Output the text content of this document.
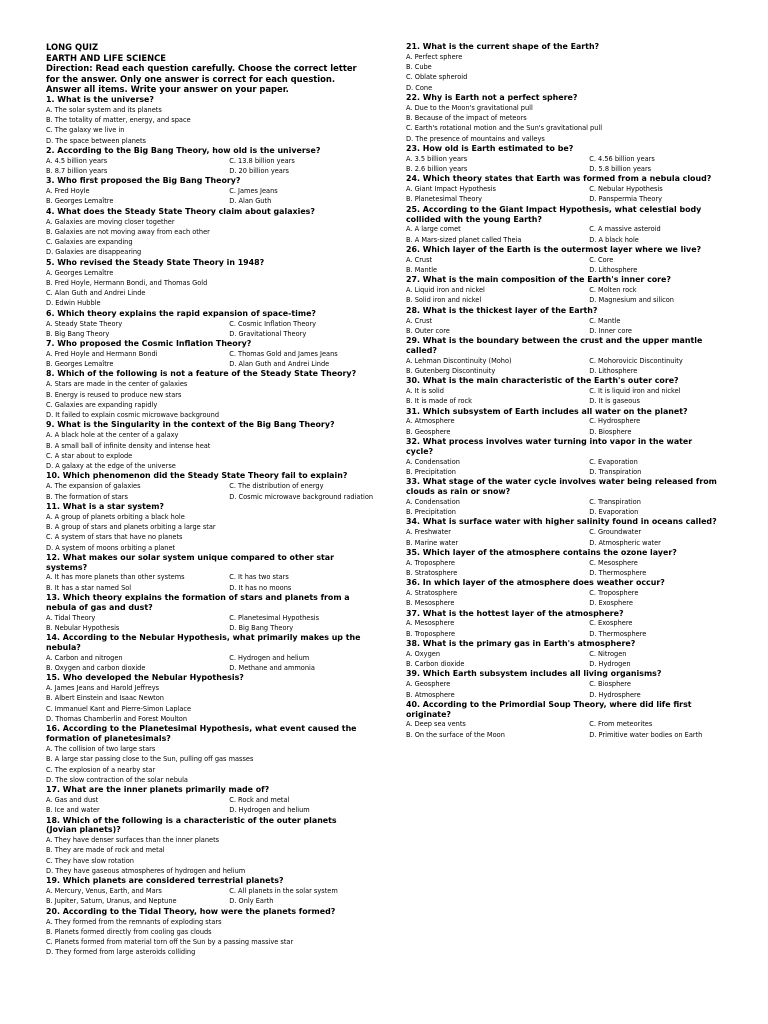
LONG QUIZ
EARTH AND LIFE SCIENCE
Direction: Read each question carefully. Choose the correct letter for the answer. Only one answer is correct for each question. Answer all items. Write your answer on your paper.
1. What is the universe?
A. The solar system and its planets
B. The totality of matter, energy, and space
C. The galaxy we live in
D. The space between planets
2. According to the Big Bang Theory, how old is the universe?
A. 4.5 billion years	C. 13.8 billion years
B. 8.7 billion years	D. 20 billion years
3. Who first proposed the Big Bang Theory?
A. Fred Hoyle	C. James Jeans
B. Georges Lemaître	D. Alan Guth
4. What does the Steady State Theory claim about galaxies?
A. Galaxies are moving closer together
B. Galaxies are not moving away from each other
C. Galaxies are expanding
D. Galaxies are disappearing
5. Who revised the Steady State Theory in 1948?
A. Georges Lemaître
B. Fred Hoyle, Hermann Bondi, and Thomas Gold
C. Alan Guth and Andrei Linde
D. Edwin Hubble
6. Which theory explains the rapid expansion of space-time?
A. Steady State Theory	C. Cosmic Inflation Theory
B. Big Bang Theory	D. Gravitational Theory
7. Who proposed the Cosmic Inflation Theory?
A. Fred Hoyle and Hermann Bondi	C. Thomas Gold and James Jeans
B. Georges Lemaître	D. Alan Guth and Andrei Linde
8. Which of the following is not a feature of the Steady State Theory?
A. Stars are made in the center of galaxies
B. Energy is reused to produce new stars
C. Galaxies are expanding rapidly
D. It failed to explain cosmic microwave background
9. What is the Singularity in the context of the Big Bang Theory?
A. A black hole at the center of a galaxy
B. A small ball of infinite density and intense heat
C. A star about to explode
D. A galaxy at the edge of the universe
10. Which phenomenon did the Steady State Theory fail to explain?
A. The expansion of galaxies	C. The distribution of energy
B. The formation of stars	D. Cosmic microwave background radiation
11. What is a star system?
A. A group of planets orbiting a black hole
B. A group of stars and planets orbiting a large star
C. A system of stars that have no planets
D. A system of moons orbiting a planet
12. What makes our solar system unique compared to other star systems?
A. It has more planets than other systems	C. It has two stars
B. It has a star named Sol	D. It has no moons
13. Which theory explains the formation of stars and planets from a nebula of gas and dust?
A. Tidal Theory	C. Planetesimal Hypothesis
B. Nebular Hypothesis	D. Big Bang Theory
14. According to the Nebular Hypothesis, what primarily makes up the nebula?
A. Carbon and nitrogen	C. Hydrogen and helium
B. Oxygen and carbon dioxide	D. Methane and ammonia
15. Who developed the Nebular Hypothesis?
A. James Jeans and Harold Jeffreys
B. Albert Einstein and Isaac Newton
C. Immanuel Kant and Pierre-Simon Laplace
D. Thomas Chamberlin and Forest Moulton
16. According to the Planetesimal Hypothesis, what event caused the formation of planetesimals?
A. The collision of two large stars
B. A large star passing close to the Sun, pulling off gas masses
C. The explosion of a nearby star
D. The slow contraction of the solar nebula
17. What are the inner planets primarily made of?
A. Gas and dust	C. Rock and metal
B. Ice and water	D. Hydrogen and helium
18. Which of the following is a characteristic of the outer planets (Jovian planets)?
A. They have denser surfaces than the inner planets
B. They are made of rock and metal
C. They have slow rotation
D. They have gaseous atmospheres of hydrogen and helium
19. Which planets are considered terrestrial planets?
A. Mercury, Venus, Earth, and Mars	C. All planets in the solar system
B. Jupiter, Saturn, Uranus, and Neptune	D. Only Earth
20. According to the Tidal Theory, how were the planets formed?
A. They formed from the remnants of exploding stars
B. Planets formed directly from cooling gas clouds
C. Planets formed from material torn off the Sun by a passing massive star
D. They formed from large asteroids colliding
21. What is the current shape of the Earth?
A. Perfect sphere
B. Cube
C. Oblate spheroid
D. Cone
22. Why is Earth not a perfect sphere?
A. Due to the Moon's gravitational pull
B. Because of the impact of meteors
C. Earth's rotational motion and the Sun's gravitational pull
D. The presence of mountains and valleys
23. How old is Earth estimated to be?
A. 3.5 billion years	C. 4.56 billion years
B. 2.6 billion years	D. 5.8 billion years
24. Which theory states that Earth was formed from a nebula cloud?
A. Giant Impact Hypothesis	C. Nebular Hypothesis
B. Planetesimal Theory	D. Panspermia Theory
25. According to the Giant Impact Hypothesis, what celestial body collided with the young Earth?
A. A large comet	C. A massive asteroid
B. A Mars-sized planet called Theia	D. A black hole
26. Which layer of the Earth is the outermost layer where we live?
A. Crust	C. Core
B. Mantle	D. Lithosphere
27. What is the main composition of the Earth's inner core?
A. Liquid iron and nickel	C. Molten rock
B. Solid iron and nickel	D. Magnesium and silicon
28. What is the thickest layer of the Earth?
A. Crust	C. Mantle
B. Outer core	D. Inner core
29. What is the boundary between the crust and the upper mantle called?
A. Lehman Discontinuity (Moho)	C. Mohorovicic Discontinuity
B. Gutenberg Discontinuity	D. Lithosphere
30. What is the main characteristic of the Earth's outer core?
A. It is solid	C. It is liquid iron and nickel
B. It is made of rock	D. It is gaseous
31. Which subsystem of Earth includes all water on the planet?
A. Atmosphere	C. Hydrosphere
B. Geosphere	D. Biosphere
32. What process involves water turning into vapor in the water cycle?
A. Condensation	C. Evaporation
B. Precipitation	D. Transpiration
33. What stage of the water cycle involves water being released from clouds as rain or snow?
A. Condensation	C. Transpiration
B. Precipitation	D. Evaporation
34. What is surface water with higher salinity found in oceans called?
A. Freshwater	C. Groundwater
B. Marine water	D. Atmospheric water
35. Which layer of the atmosphere contains the ozone layer?
A. Troposphere	C. Mesosphere
B. Stratosphere	D. Thermosphere
36. In which layer of the atmosphere does weather occur?
A. Stratosphere	C. Troposphere
B. Mesosphere	D. Exosphere
37. What is the hottest layer of the atmosphere?
A. Mesosphere	C. Exosphere
B. Troposphere	D. Thermosphere
38. What is the primary gas in Earth's atmosphere?
A. Oxygen	C. Nitrogen
B. Carbon dioxide	D. Hydrogen
39. Which Earth subsystem includes all living organisms?
A. Geosphere	C. Biosphere
B. Atmosphere	D. Hydrosphere
40. According to the Primordial Soup Theory, where did life first originate?
A. Deep sea vents	C. From meteorites
B. On the surface of the Moon	D. Primitive water bodies on Earth
